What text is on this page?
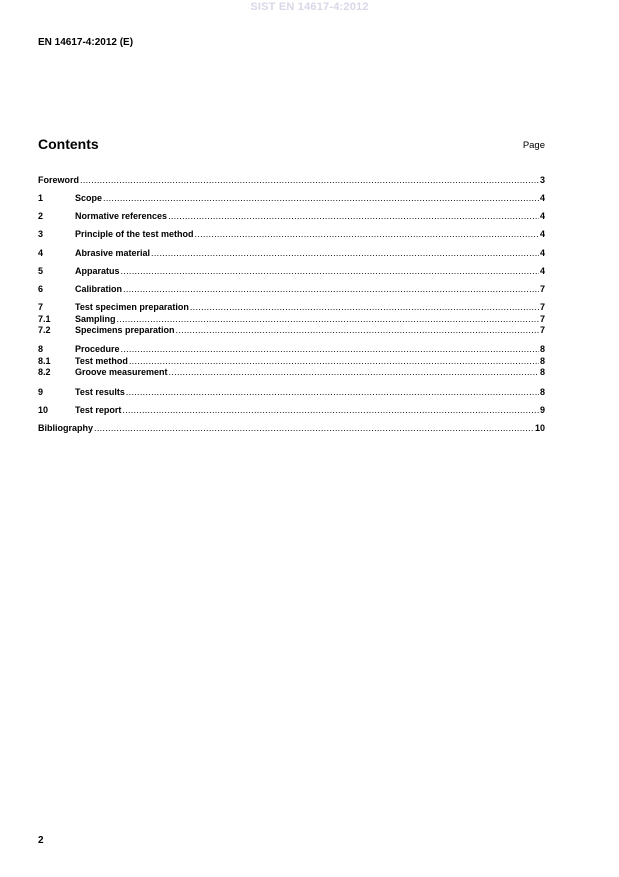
SIST EN 14617-4:2012
EN 14617-4:2012 (E)
Contents	Page
Foreword .....	3
1	Scope .....	4
2	Normative references .....	4
3	Principle of the test method .....	4
4	Abrasive material .....	4
5	Apparatus .....	4
6	Calibration .....	7
7	Test specimen preparation .....	7
7.1	Sampling .....	7
7.2	Specimens preparation .....	7
8	Procedure .....	8
8.1	Test method .....	8
8.2	Groove measurement .....	8
9	Test results .....	8
10	Test report .....	9
Bibliography .....	10
2
